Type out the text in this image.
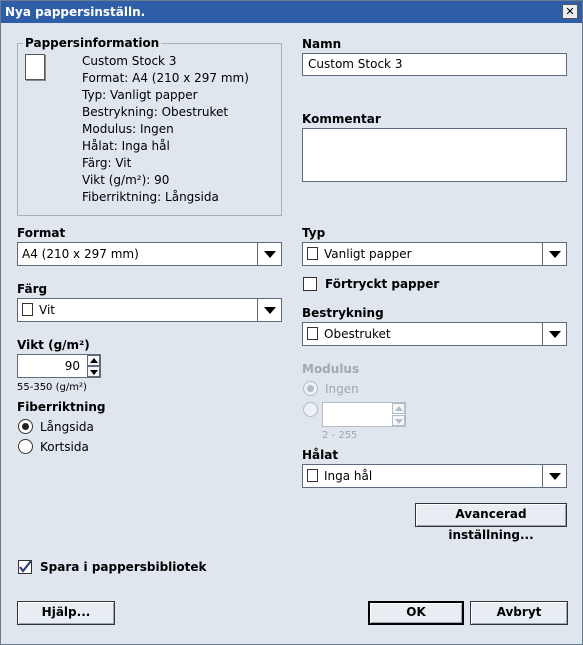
Nya pappersinställn.	✕
Pappersinformation
Custom Stock 3
Format: A4 (210 x 297 mm)
Typ: Vanligt papper
Bestrykning: Obestruket
Modulus: Ingen
Hålat: Inga hål
Färg: Vit
Vikt (g/m²): 90
Fiberriktning: Långsida
Namn
Custom Stock 3
Kommentar
Format
A4 (210 x 297 mm)
Färg
Vit
Vikt (g/m²)
90
55-350 (g/m²)
Fiberriktning
Långsida
Kortsida
Typ
Vanligt papper
Förtryckt papper
Bestrykning
Obestruket
Modulus
Ingen
2 - 255
Hålat
Inga hål
Avancerad inställning...
Spara i pappersbibliotek
Hjälp...	OK	Avbryt
